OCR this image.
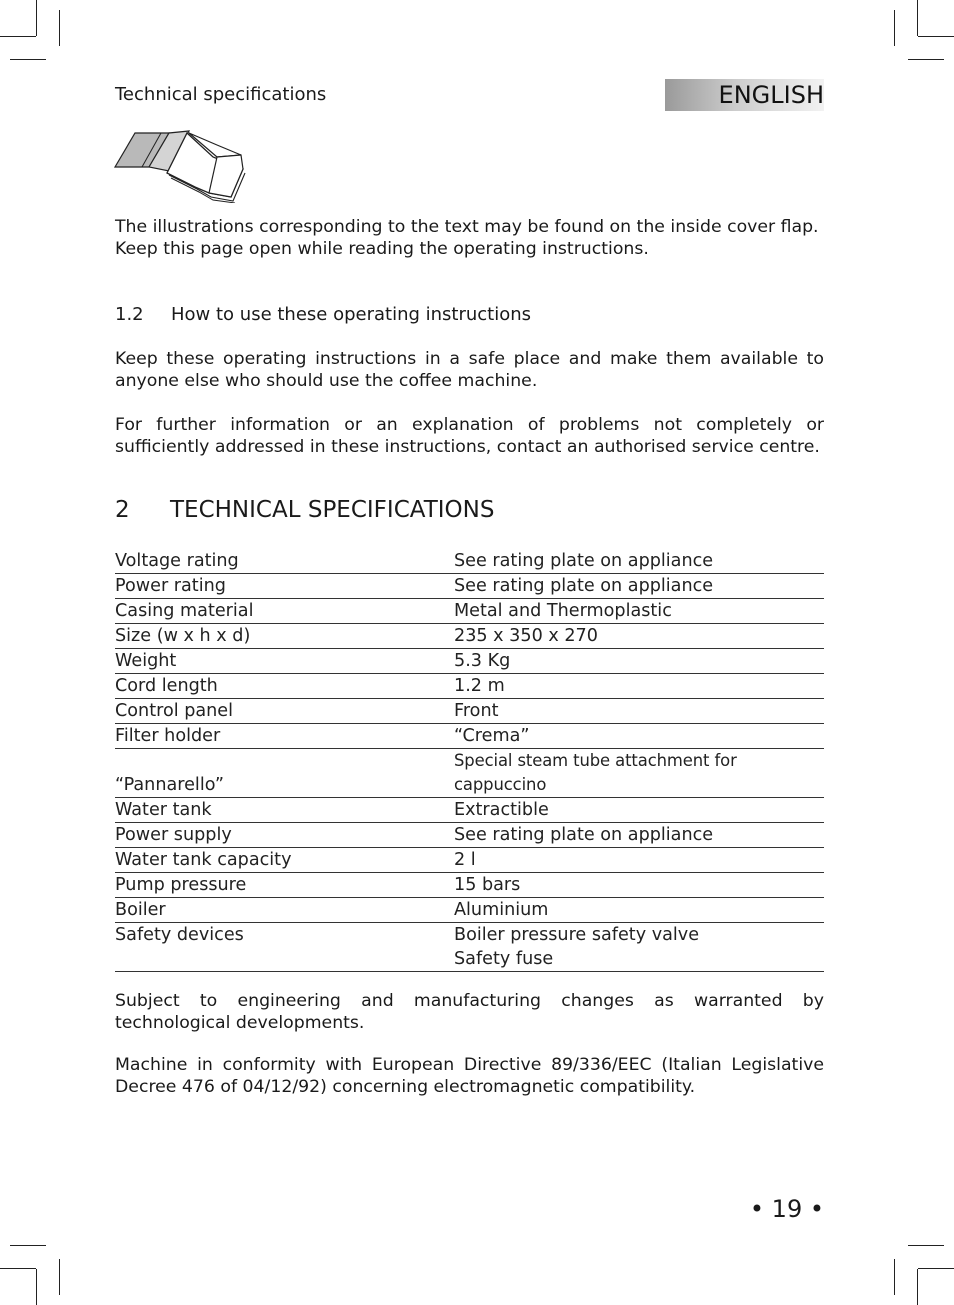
Technical specifications	ENGLISH

The illustrations corresponding to the text may be found on the inside cover flap.
Keep this page open while reading the operating instructions.

1.2 How to use these operating instructions

Keep these operating instructions in a safe place and make them available to anyone else who should use the coffee machine.

For further information or an explanation of problems not completely or sufficiently addressed in these instructions, contact an authorised service centre.

2 TECHNICAL SPECIFICATIONS
Voltage rating	See rating plate on appliance
Power rating	See rating plate on appliance
Casing material	Metal and Thermoplastic
Size (w x h x d)	235 x 350 x 270
Weight	5.3 Kg
Cord length	1.2 m
Control panel	Front
Filter holder	“Crema”
“Pannarello”	Special steam tube attachment for cappuccino
Water tank	Extractible
Power supply	See rating plate on appliance
Water tank capacity	2 l
Pump pressure	15 bars
Boiler	Aluminium
Safety devices	Boiler pressure safety valve
Safety fuse

Subject to engineering and manufacturing changes as warranted by technological developments.

Machine in conformity with European Directive 89/336/EEC (Italian Legislative Decree 476 of 04/12/92) concerning electromagnetic compatibility.

• 19 •
